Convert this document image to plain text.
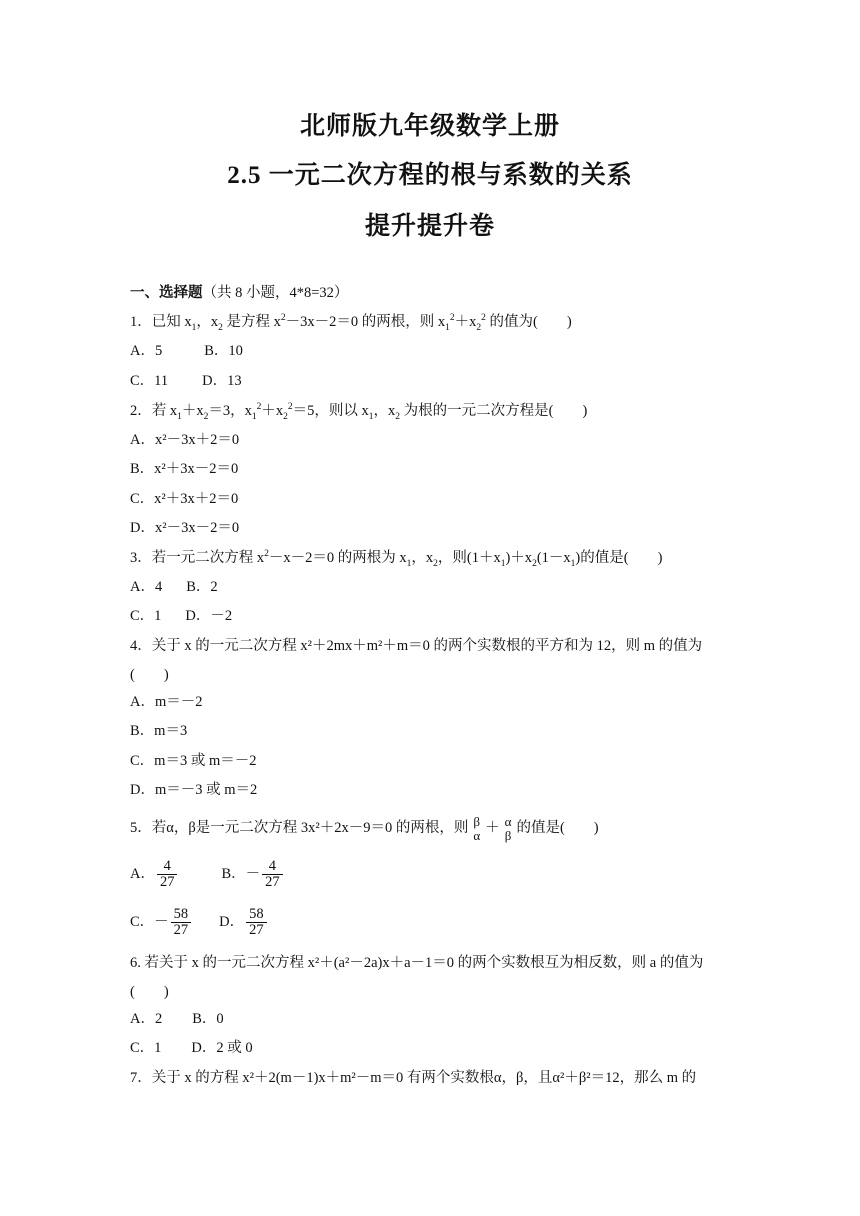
北师版九年级数学上册
2.5 一元二次方程的根与系数的关系
提升提升卷
一、选择题（共 8 小题，4*8=32）
1．已知 $x_1$，$x_2$ 是方程 $x^2-3x-2=0$ 的两根，则 $x_1^2+x_2^2$ 的值为(　　)
A．5	B．10
C．11 D．13
2．若 $x_1+x_2=3$，$x_1^2+x_2^2=5$，则以 $x_1$，$x_2$ 为根的一元二次方程是(　　)
A．x²－3x＋2＝0
B．x²＋3x－2＝0
C．x²＋3x＋2＝0
D．x²－3x－2＝0
3．若一元二次方程 $x^2-x-2=0$ 的两根为 $x_1$，$x_2$，则$(1+x_1)+x_2(1-x_1)$的值是(　　)
A．4 B．2
C．1 D．－2
4．关于 x 的一元二次方程 x²＋2mx＋m²＋m＝0 的两个实数根的平方和为 12，则 m 的值为
(　　)
A．m＝－2
B．m＝3
C．m＝3 或 m＝－2
D．m＝－3 或 m＝2
5．若α，β是一元二次方程 3x²＋2x－9＝0 的两根，则 β
α ＋ α
β 的值是(　　)
A． $\frac{4}{27}$	B．－ $\frac{4}{27}$
C．－ $\frac{58}{27}$ D． $\frac{58}{27}$
6. 若关于 x 的一元二次方程 x²＋(a²－2a)x＋a－1＝0 的两个实数根互为相反数，则 a 的值为
(　　)
A．2 B．0
C．1 D．2 或 0
7．关于 x 的方程 x²＋2(m－1)x＋m²－m＝0 有两个实数根α，β，且α²＋β²＝12，那么 m 的
